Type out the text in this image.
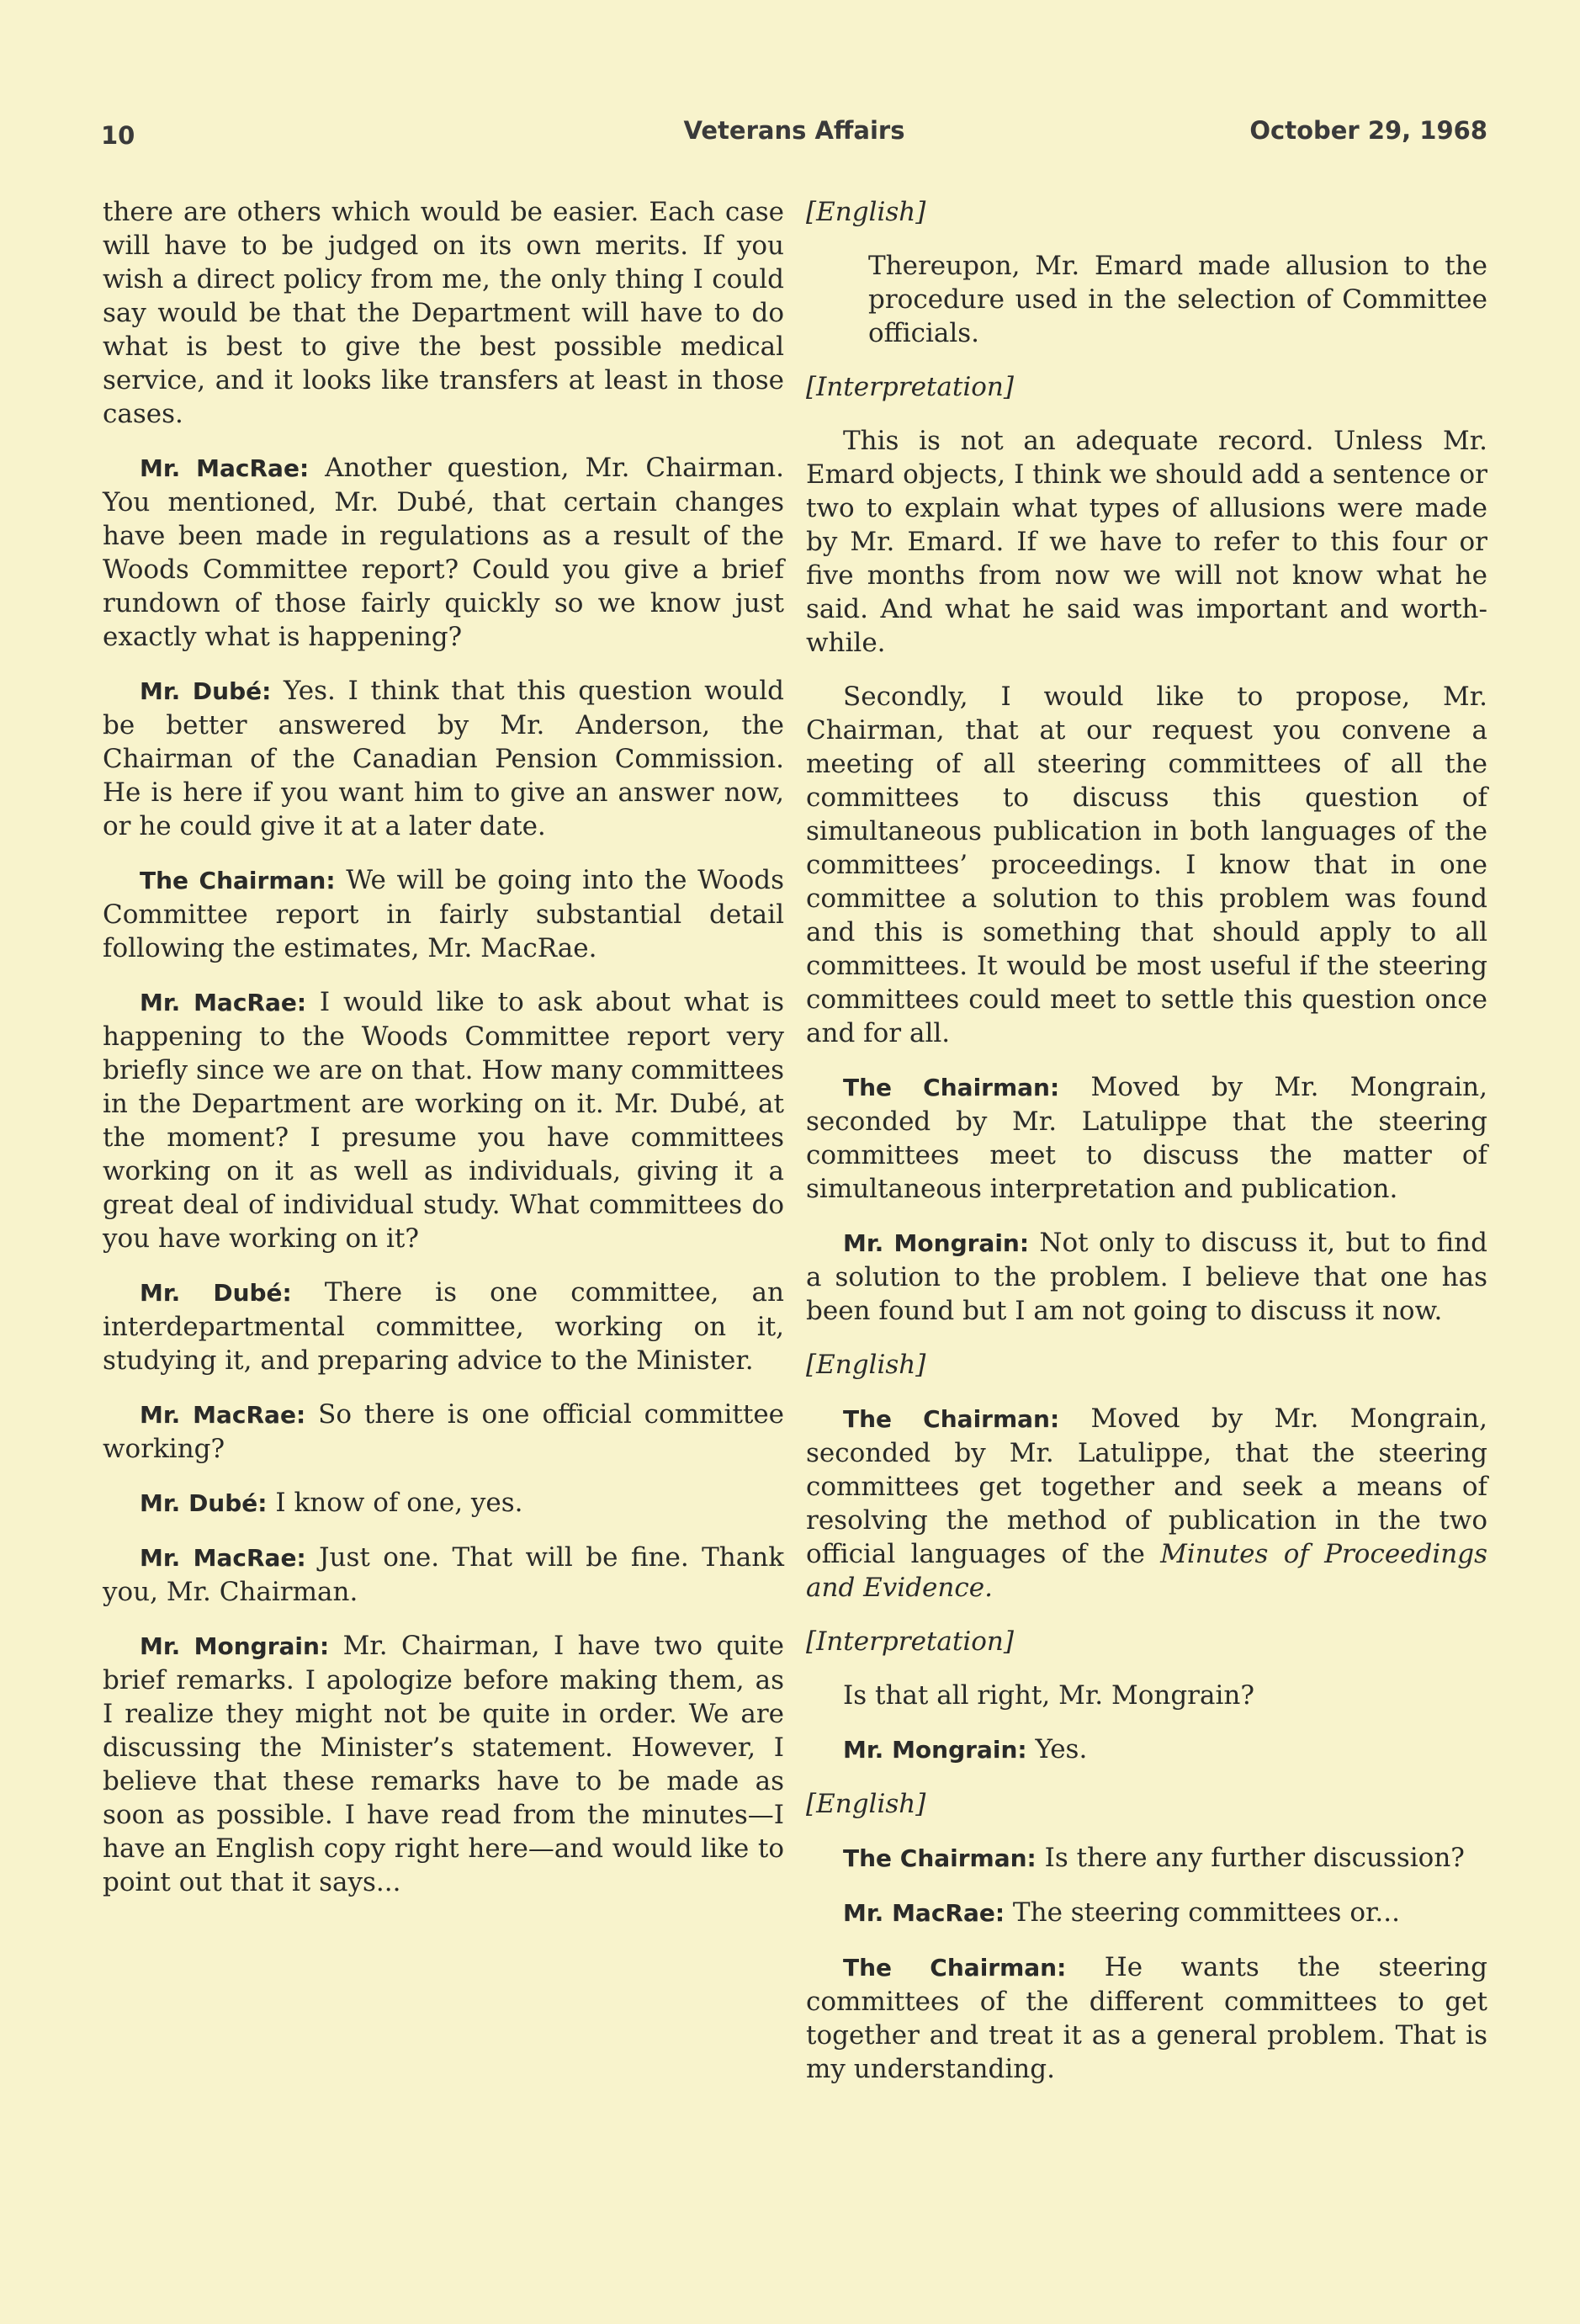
10	Veterans Affairs	October 29, 1968

there are others which would be easier. Each case will have to be judged on its own merits. If you wish a direct policy from me, the only thing I could say would be that the Department will have to do what is best to give the best possible medical service, and it looks like transfers at least in those cases.

Mr. MacRae: Another question, Mr. Chairman. You mentioned, Mr. Dubé, that certain changes have been made in regulations as a result of the Woods Committee report? Could you give a brief rundown of those fairly quickly so we know just exactly what is happening?

Mr. Dubé: Yes. I think that this question would be better answered by Mr. Anderson, the Chairman of the Canadian Pension Commission. He is here if you want him to give an answer now, or he could give it at a later date.

The Chairman: We will be going into the Woods Committee report in fairly substantial detail following the estimates, Mr. MacRae.

Mr. MacRae: I would like to ask about what is happening to the Woods Committee report very briefly since we are on that. How many committees in the Department are working on it. Mr. Dubé, at the moment? I presume you have committees working on it as well as individuals, giving it a great deal of individual study. What committees do you have working on it?

Mr. Dubé: There is one committee, an interdepartmental committee, working on it, studying it, and preparing advice to the Minister.

Mr. MacRae: So there is one official committee working?

Mr. Dubé: I know of one, yes.

Mr. MacRae: Just one. That will be fine. Thank you, Mr. Chairman.

Mr. Mongrain: Mr. Chairman, I have two quite brief remarks. I apologize before making them, as I realize they might not be quite in order. We are discussing the Minister’s statement. However, I believe that these remarks have to be made as soon as possible. I have read from the minutes—I have an English copy right here—and would like to point out that it says...

[English]

Thereupon, Mr. Emard made allusion to the procedure used in the selection of Committee officials.

[Interpretation]

This is not an adequate record. Unless Mr. Emard objects, I think we should add a sentence or two to explain what types of allusions were made by Mr. Emard. If we have to refer to this four or five months from now we will not know what he said. And what he said was important and worth-while.

Secondly, I would like to propose, Mr. Chairman, that at our request you convene a meeting of all steering committees of all the committees to discuss this question of simultaneous publication in both languages of the committees’ proceedings. I know that in one committee a solution to this problem was found and this is something that should apply to all committees. It would be most useful if the steering committees could meet to settle this question once and for all.

The Chairman: Moved by Mr. Mongrain, seconded by Mr. Latulippe that the steering committees meet to discuss the matter of simultaneous interpretation and publication.

Mr. Mongrain: Not only to discuss it, but to find a solution to the problem. I believe that one has been found but I am not going to discuss it now.

[English]

The Chairman: Moved by Mr. Mongrain, seconded by Mr. Latulippe, that the steering committees get together and seek a means of resolving the method of publication in the two official languages of the Minutes of Proceedings and Evidence.

[Interpretation]

Is that all right, Mr. Mongrain?

Mr. Mongrain: Yes.

[English]

The Chairman: Is there any further discussion?

Mr. MacRae: The steering committees or...

The Chairman: He wants the steering committees of the different committees to get together and treat it as a general problem. That is my understanding.
